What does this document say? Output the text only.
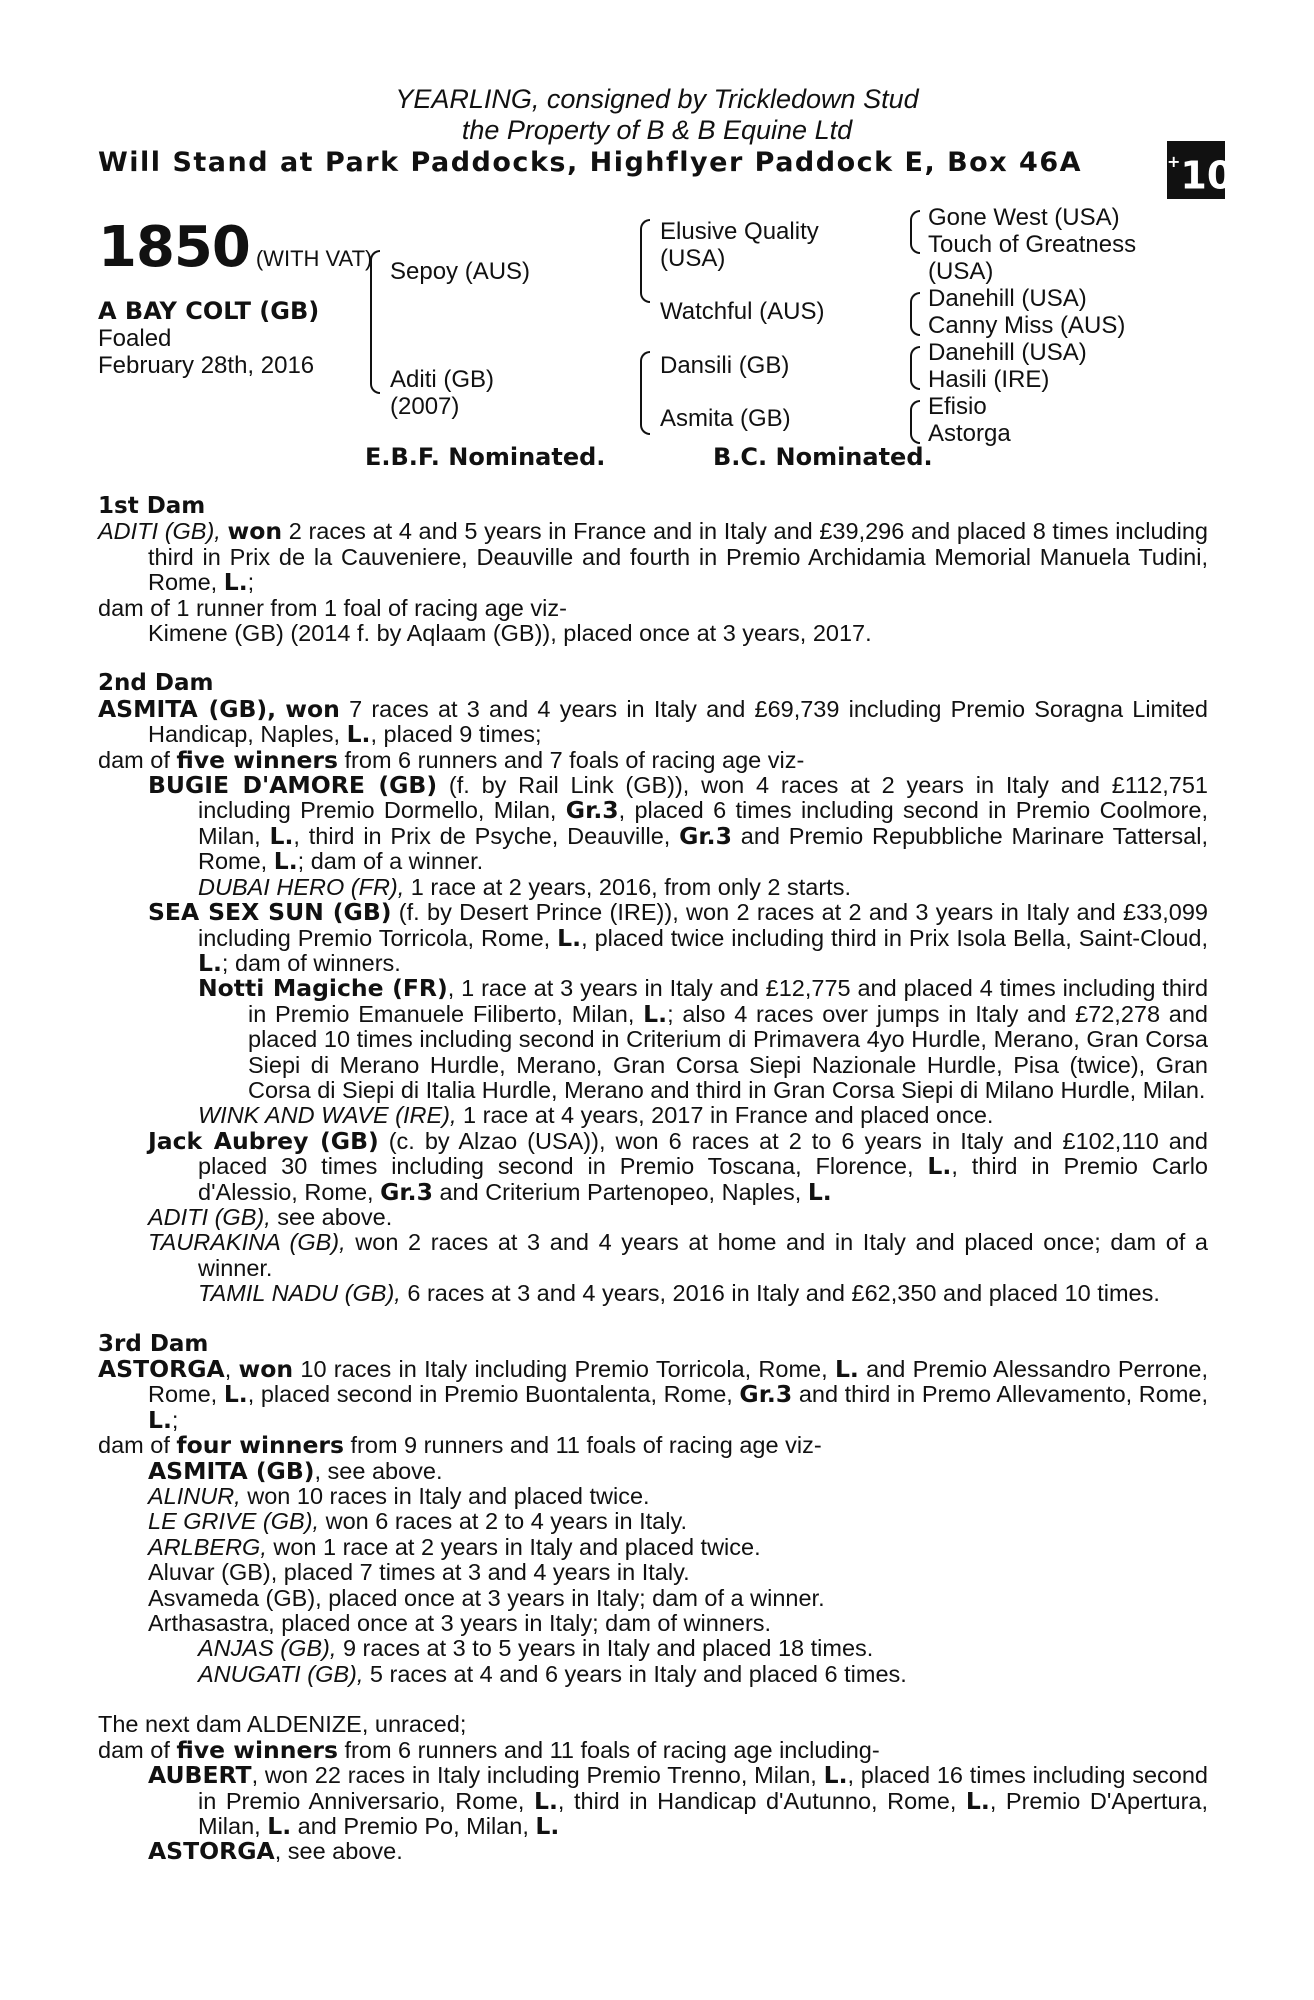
YEARLING, consigned by Trickledown Stud
the Property of B & B Equine Ltd
Will Stand at Park Paddocks, Highflyer Paddock E, Box 46A	+10
1850 (WITH VAT)
A BAY COLT (GB)
Foaled
February 28th, 2016
Sepoy (AUS)
Aditi (GB)
(2007)
Elusive Quality
(USA)
Watchful (AUS)
Dansili (GB)
Asmita (GB)
Gone West (USA)
Touch of Greatness
(USA)
Danehill (USA)
Canny Miss (AUS)
Danehill (USA)
Hasili (IRE)
Efisio
Astorga
E.B.F. Nominated.	B.C. Nominated.

1st Dam

ADITI (GB), won 2 races at 4 and 5 years in France and in Italy and £39,296 and placed 8 times including third in Prix de la Cauveniere, Deauville and fourth in Premio Archidamia Memorial Manuela Tudini, Rome, L.;

dam of 1 runner from 1 foal of racing age viz-

Kimene (GB) (2014 f. by Aqlaam (GB)), placed once at 3 years, 2017.

2nd Dam

ASMITA (GB), won 7 races at 3 and 4 years in Italy and £69,739 including Premio Soragna Limited Handicap, Naples, L., placed 9 times;

dam of five winners from 6 runners and 7 foals of racing age viz-

BUGIE D'AMORE (GB) (f. by Rail Link (GB)), won 4 races at 2 years in Italy and £112,751 including Premio Dormello, Milan, Gr.3, placed 6 times including second in Premio Coolmore, Milan, L., third in Prix de Psyche, Deauville, Gr.3 and Premio Repubbliche Marinare Tattersal, Rome, L.; dam of a winner.

DUBAI HERO (FR), 1 race at 2 years, 2016, from only 2 starts.

SEA SEX SUN (GB) (f. by Desert Prince (IRE)), won 2 races at 2 and 3 years in Italy and £33,099 including Premio Torricola, Rome, L., placed twice including third in Prix Isola Bella, Saint-Cloud, L.; dam of winners.

Notti Magiche (FR), 1 race at 3 years in Italy and £12,775 and placed 4 times including third in Premio Emanuele Filiberto, Milan, L.; also 4 races over jumps in Italy and £72,278 and placed 10 times including second in Criterium di Primavera 4yo Hurdle, Merano, Gran Corsa Siepi di Merano Hurdle, Merano, Gran Corsa Siepi Nazionale Hurdle, Pisa (twice), Gran Corsa di Siepi di Italia Hurdle, Merano and third in Gran Corsa Siepi di Milano Hurdle, Milan.

WINK AND WAVE (IRE), 1 race at 4 years, 2017 in France and placed once.

Jack Aubrey (GB) (c. by Alzao (USA)), won 6 races at 2 to 6 years in Italy and £102,110 and placed 30 times including second in Premio Toscana, Florence, L., third in Premio Carlo d'Alessio, Rome, Gr.3 and Criterium Partenopeo, Naples, L.

ADITI (GB), see above.

TAURAKINA (GB), won 2 races at 3 and 4 years at home and in Italy and placed once; dam of a winner.

TAMIL NADU (GB), 6 races at 3 and 4 years, 2016 in Italy and £62,350 and placed 10 times.

3rd Dam

ASTORGA, won 10 races in Italy including Premio Torricola, Rome, L. and Premio Alessandro Perrone, Rome, L., placed second in Premio Buontalenta, Rome, Gr.3 and third in Premo Allevamento, Rome, L.;

dam of four winners from 9 runners and 11 foals of racing age viz-

ASMITA (GB), see above.

ALINUR, won 10 races in Italy and placed twice.

LE GRIVE (GB), won 6 races at 2 to 4 years in Italy.

ARLBERG, won 1 race at 2 years in Italy and placed twice.

Aluvar (GB), placed 7 times at 3 and 4 years in Italy.

Asvameda (GB), placed once at 3 years in Italy; dam of a winner.

Arthasastra, placed once at 3 years in Italy; dam of winners.

ANJAS (GB), 9 races at 3 to 5 years in Italy and placed 18 times.

ANUGATI (GB), 5 races at 4 and 6 years in Italy and placed 6 times.

The next dam ALDENIZE, unraced;

dam of five winners from 6 runners and 11 foals of racing age including-

AUBERT, won 22 races in Italy including Premio Trenno, Milan, L., placed 16 times including second in Premio Anniversario, Rome, L., third in Handicap d'Autunno, Rome, L., Premio D'Apertura, Milan, L. and Premio Po, Milan, L.

ASTORGA, see above.
